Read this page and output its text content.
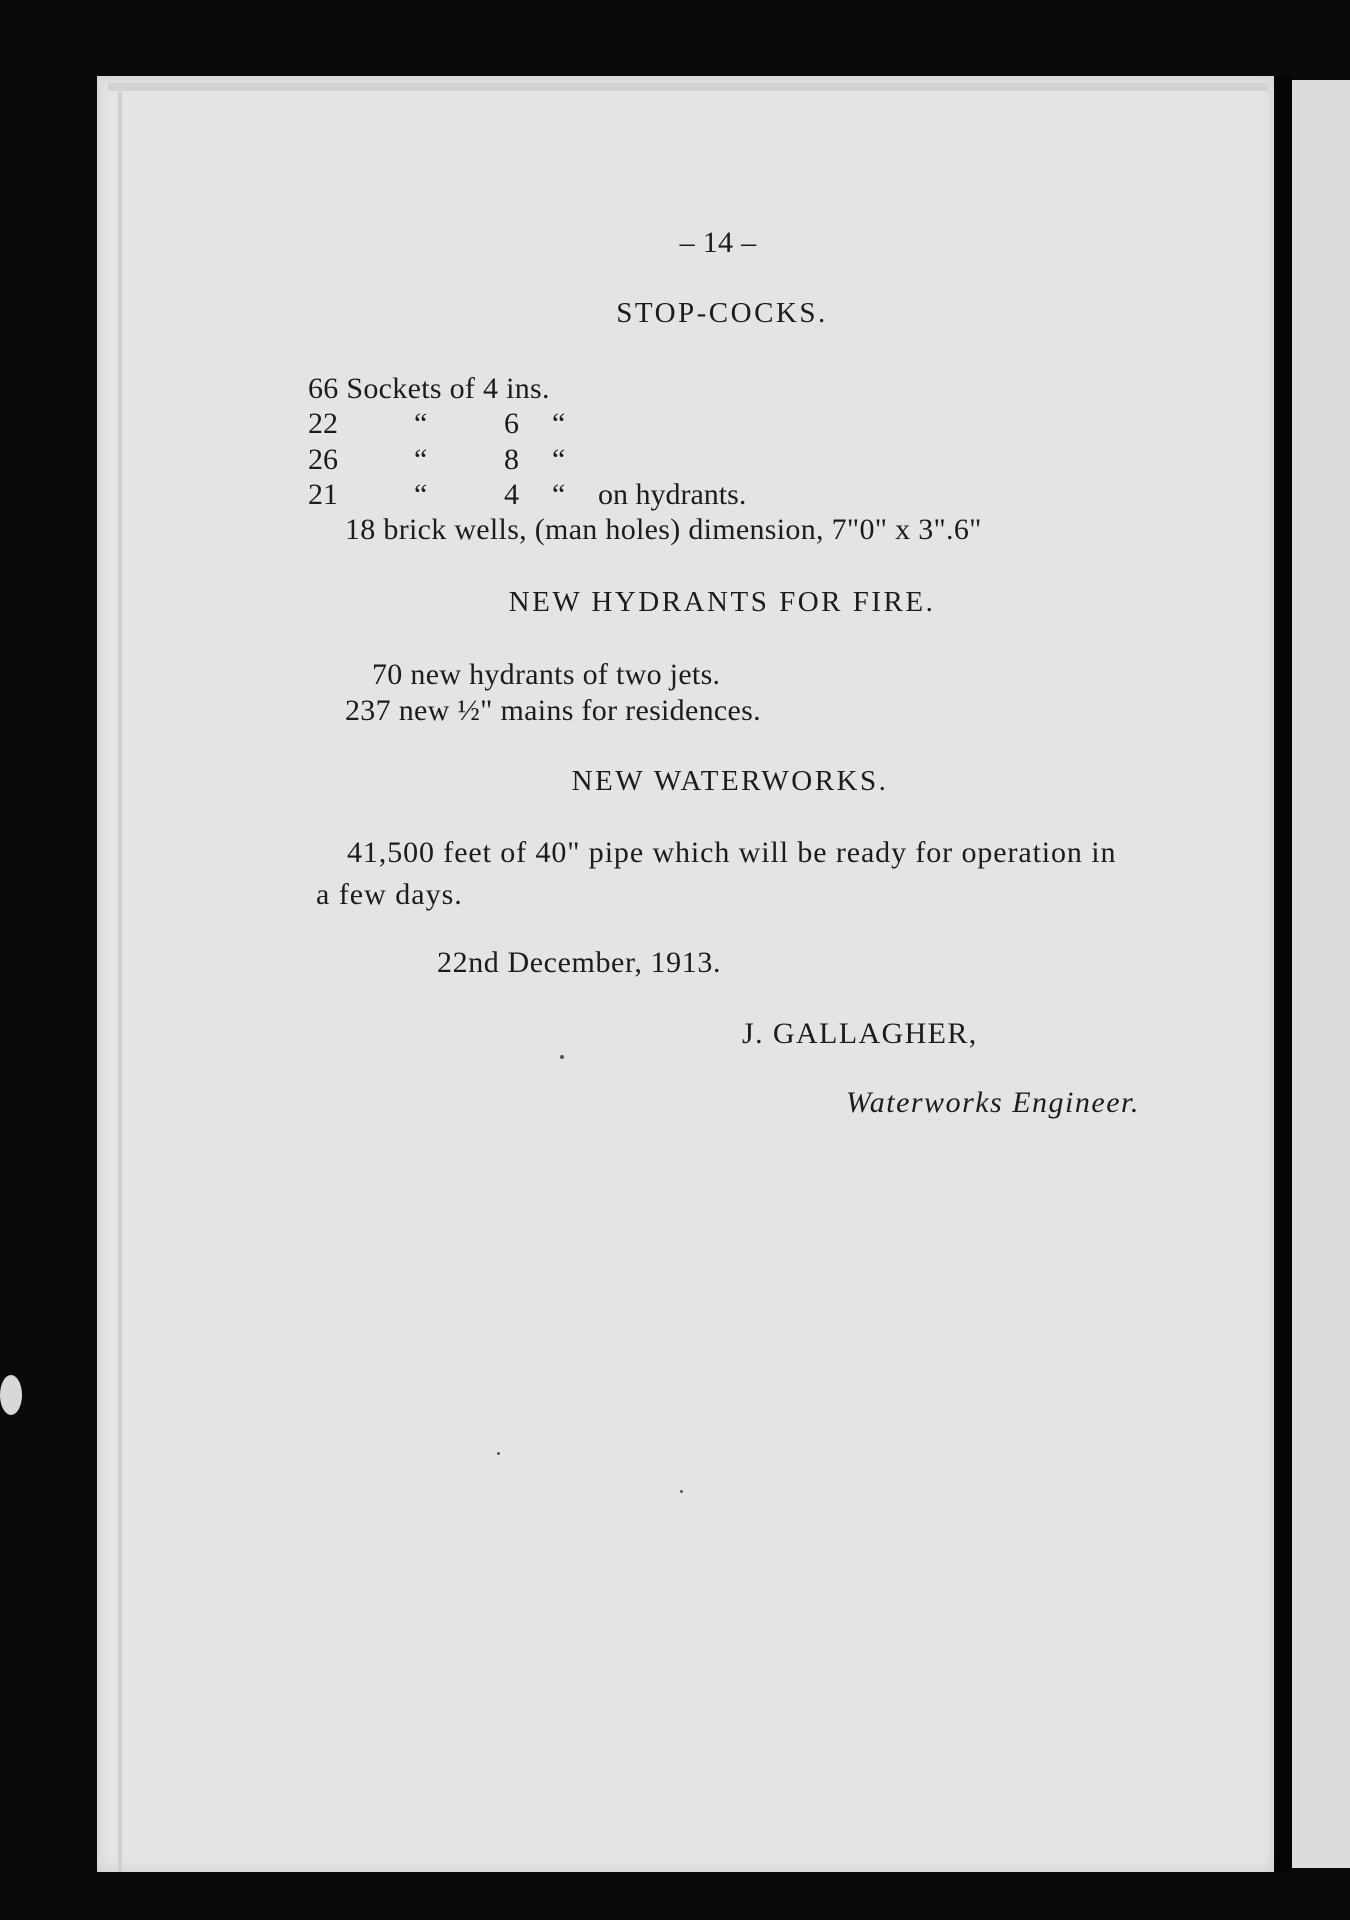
– 14 –
STOP-COCKS.
66 Sockets of 4 ins.
22	“	6 “
26	“	8 “
21	“	4 “ on hydrants.
18 brick wells, (man holes) dimension, 7"0" x 3".6"
NEW HYDRANTS FOR FIRE.
70 new hydrants of two jets.
237 new ½" mains for residences.
NEW WATERWORKS.
41,500 feet of 40" pipe which will be ready for operation in
a few days.
22nd December, 1913.
J. GALLAGHER,
Waterworks Engineer.
